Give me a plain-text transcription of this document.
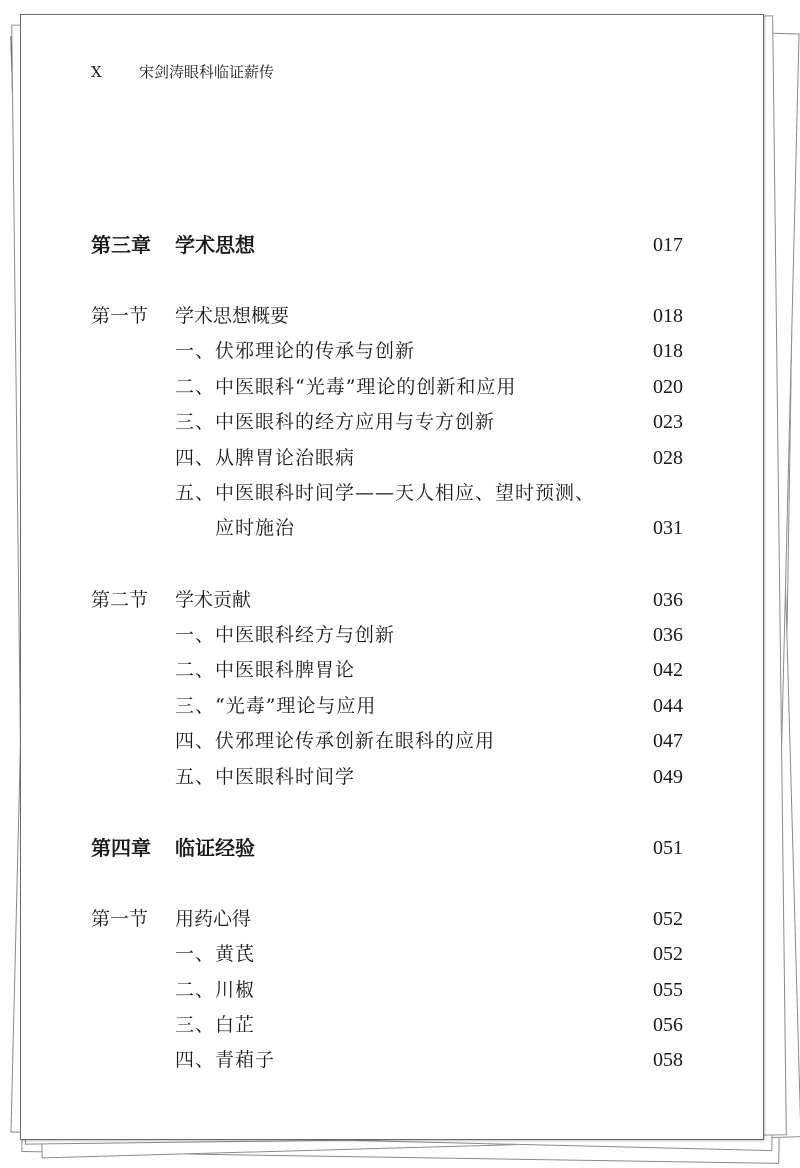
X 宋剑涛眼科临证薪传
第三章 学术思想	017
第一节 学术思想概要	018
一、伏邪理论的传承与创新	018
二、中医眼科“光毒”理论的创新和应用	020
三、中医眼科的经方应用与专方创新	023
四、从脾胃论治眼病	028
五、中医眼科时间学——天人相应、望时预测、
应时施治	031
第二节 学术贡献	036
一、中医眼科经方与创新	036
二、中医眼科脾胃论	042
三、“光毒”理论与应用	044
四、伏邪理论传承创新在眼科的应用	047
五、中医眼科时间学	049
第四章 临证经验	051
第一节 用药心得	052
一、黄芪	052
二、川椒	055
三、白芷	056
四、青葙子	058
